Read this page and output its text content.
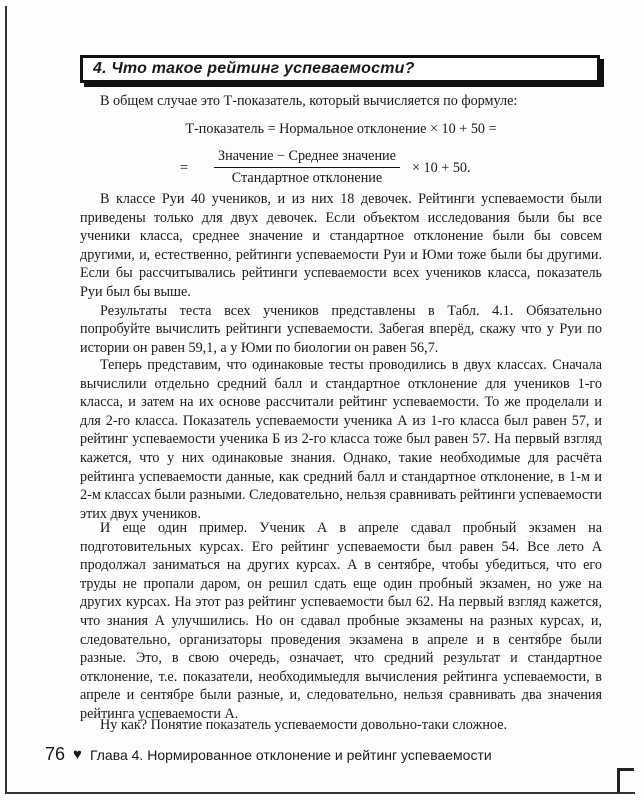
4. Что такое рейтинг успеваемости?

В общем случае это Т-показатель, который вычисляется по формуле:

Т-показатель = Нормальное отклонение × 10 + 50 =
=
Значение − Среднее значение
Стандартное отклонение
× 10 + 50.

В классе Руи 40 учеников, и из них 18 девочек. Рейтинги успеваемости были приведены только для двух девочек. Если объектом исследования были бы все ученики класса, среднее значение и стандартное отклонение были бы совсем другими, и, естественно, рейтинги успеваемости Руи и Юми тоже были бы другими. Если бы рассчитывались рейтинги успеваемости всех учеников класса, показатель Руи был бы выше.

Результаты теста всех учеников представлены в Табл. 4.1. Обязательно попробуйте вычислить рейтинги успеваемости. Забегая вперёд, скажу что у Руи по истории он равен 59,1, а у Юми по биологии он равен 56,7.

Теперь представим, что одинаковые тесты проводились в двух классах. Сначала вычислили отдельно средний балл и стандартное отклонение для учеников 1-го класса, и затем на их основе рассчитали рейтинг успеваемости. То же проделали и для 2-го класса. Показатель успеваемости ученика А из 1-го класса был равен 57, и рейтинг успеваемости ученика Б из 2-го класса тоже был равен 57. На первый взгляд кажется, что у них одинаковые знания. Однако, такие необходимые для расчёта рейтинга успеваемости данные, как средний балл и стандартное отклонение, в 1-м и 2-м классах были разными. Следовательно, нельзя сравнивать рейтинги успеваемости этих двух учеников.

И еще один пример. Ученик А в апреле сдавал пробный экзамен на подготовительных курсах. Его рейтинг успеваемости был равен 54. Все лето А продолжал заниматься на других курсах. А в сентябре, чтобы убедиться, что его труды не пропали даром, он решил сдать еще один пробный экзамен, но уже на других курсах. На этот раз рейтинг успеваемости был 62. На первый взгляд кажется, что знания А улучшились. Но он сдавал пробные экзамены на разных курсах, и, следовательно, организаторы проведения экзамена в апреле и в сентябре были разные. Это, в свою очередь, означает, что средний результат и стандартное отклонение, т.е. показатели, необходимыедля вычисления рейтинга успеваемости, в апреле и сентябре были разные, и, следовательно, нельзя сравнивать два значения рейтинга успеваемости А.

Ну как? Понятие показатель успеваемости довольно-таки сложное.

76 ♥ Глава 4. Нормированное отклонение и рейтинг успеваемости
